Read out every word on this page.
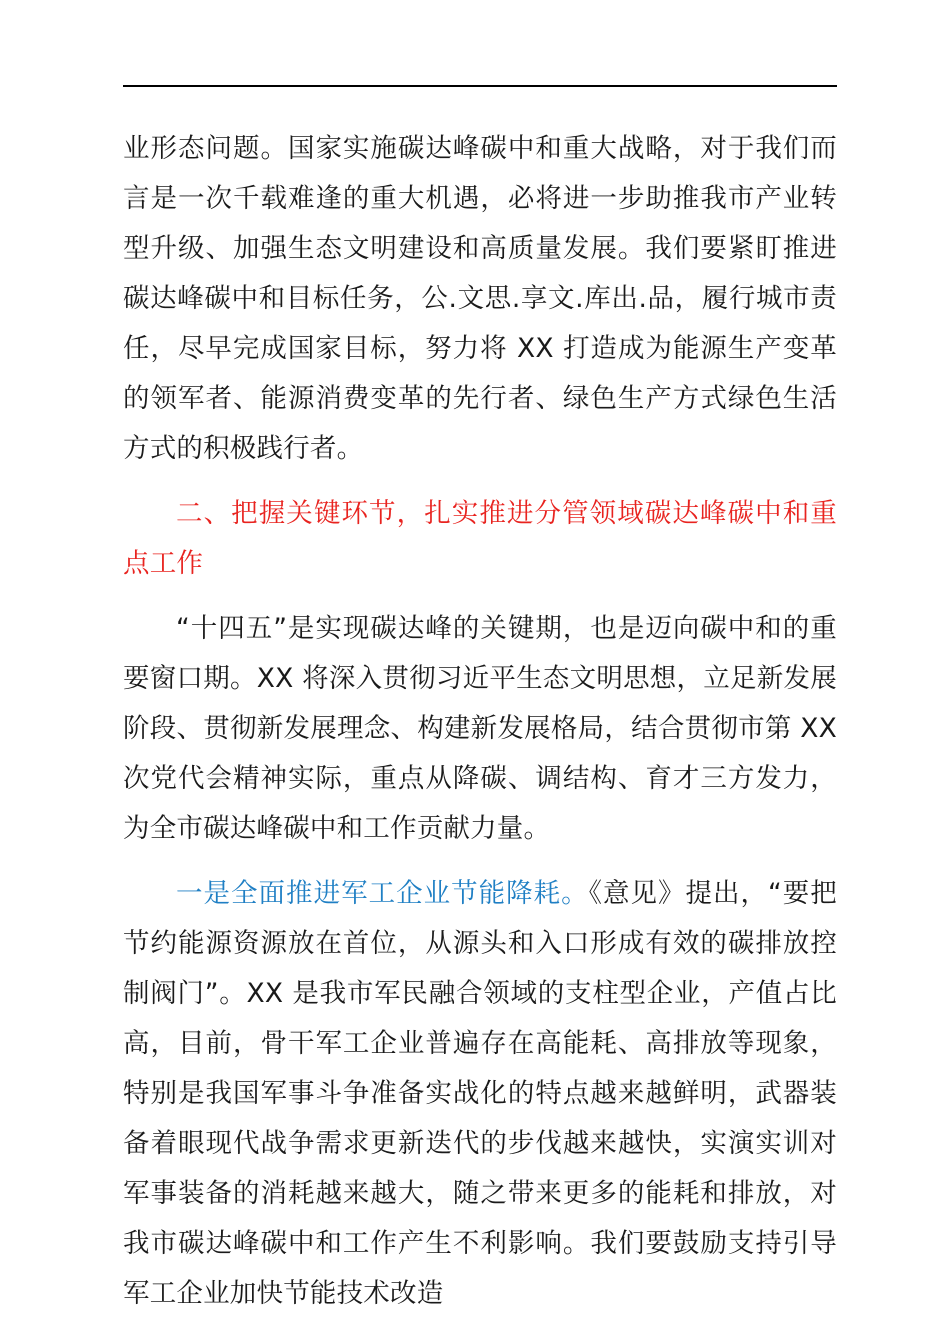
业形态问题。国家实施碳达峰碳中和重大战略，对于我们而言是一次千载难逢的重大机遇，必将进一步助推我市产业转型升级、加强生态文明建设和高质量发展。我们要紧盯推进碳达峰碳中和目标任务，公.文思.享文.库出.品，履行城市责任，尽早完成国家目标，努力将 XX 打造成为能源生产变革的领军者、能源消费变革的先行者、绿色生产方式绿色生活方式的积极践行者。

二、把握关键环节，扎实推进分管领域碳达峰碳中和重点工作

“十四五”是实现碳达峰的关键期，也是迈向碳中和的重要窗口期。XX 将深入贯彻习近平生态文明思想，立足新发展阶段、贯彻新发展理念、构建新发展格局，结合贯彻市第 XX 次党代会精神实际，重点从降碳、调结构、育才三方发力，为全市碳达峰碳中和工作贡献力量。

一是全面推进军工企业节能降耗。《意见》提出，“要把节约能源资源放在首位，从源头和入口形成有效的碳排放控制阀门”。XX 是我市军民融合领域的支柱型企业，产值占比高，目前，骨干军工企业普遍存在高能耗、高排放等现象，特别是我国军事斗争准备实战化的特点越来越鲜明，武器装备着眼现代战争需求更新迭代的步伐越来越快，实演实训对军事装备的消耗越来越大，随之带来更多的能耗和排放，对我市碳达峰碳中和工作产生不利影响。我们要鼓励支持引导军工企业加快节能技术改造
